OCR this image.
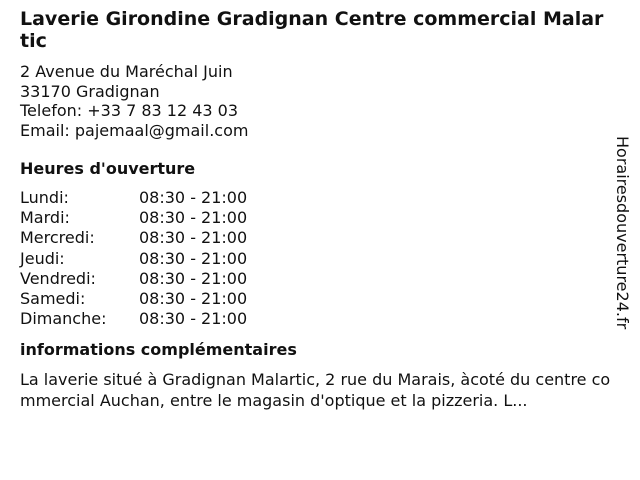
Laverie Girondine Gradignan Centre commercial Malartic
2 Avenue du Maréchal Juin
33170 Gradignan
Telefon: +33 7 83 12 43 03
Email: pajemaal@gmail.com
Heures d'ouverture
Lundi:	08:30 - 21:00
Mardi:	08:30 - 21:00
Mercredi:	08:30 - 21:00
Jeudi:	08:30 - 21:00
Vendredi:	08:30 - 21:00
Samedi:	08:30 - 21:00
Dimanche: 08:30 - 21:00
informations complémentaires
La laverie situé à Gradignan Malartic, 2 rue du Marais, àcoté du centre commercial Auchan, entre le magasin d'optique et la pizzeria. L...
Horairesdouverture24.fr
